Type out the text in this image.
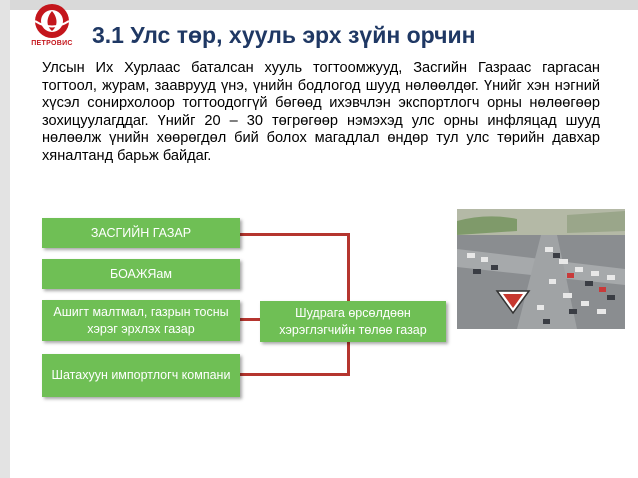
ПЕТРОВИС 3.1 Улс төр, хууль эрх зүйн орчин
Улсын Их Хурлаас баталсан хууль тогтоомжууд, Засгийн Газраас гаргасан тогтоол, журам, зааврууд үнэ, үнийн бодлогод шууд нөлөөлдөг. Үнийг хэн нэгний хүсэл сонирхолоор тогтоодоггүй бөгөөд ихэвчлэн экспортлогч орны нөлөөгөөр зохицуулагддаг. Үнийг 20 – 30 төгрөгөөр нэмэхэд улс орны инфляцад шууд нөлөөлж үнийн хөөрөгдөл бий болох магадлал өндөр тул улс төрийн давхар хяналтанд барьж байдаг.
ЗАСГИЙН ГАЗАР
БОАЖЯам
Ашигт малтмал, газрын тосны хэрэг эрхлэх газар
Шатахуун импортлогч компани
Шудрага өрсөлдөөн хэрэглэгчийн төлөө газар
